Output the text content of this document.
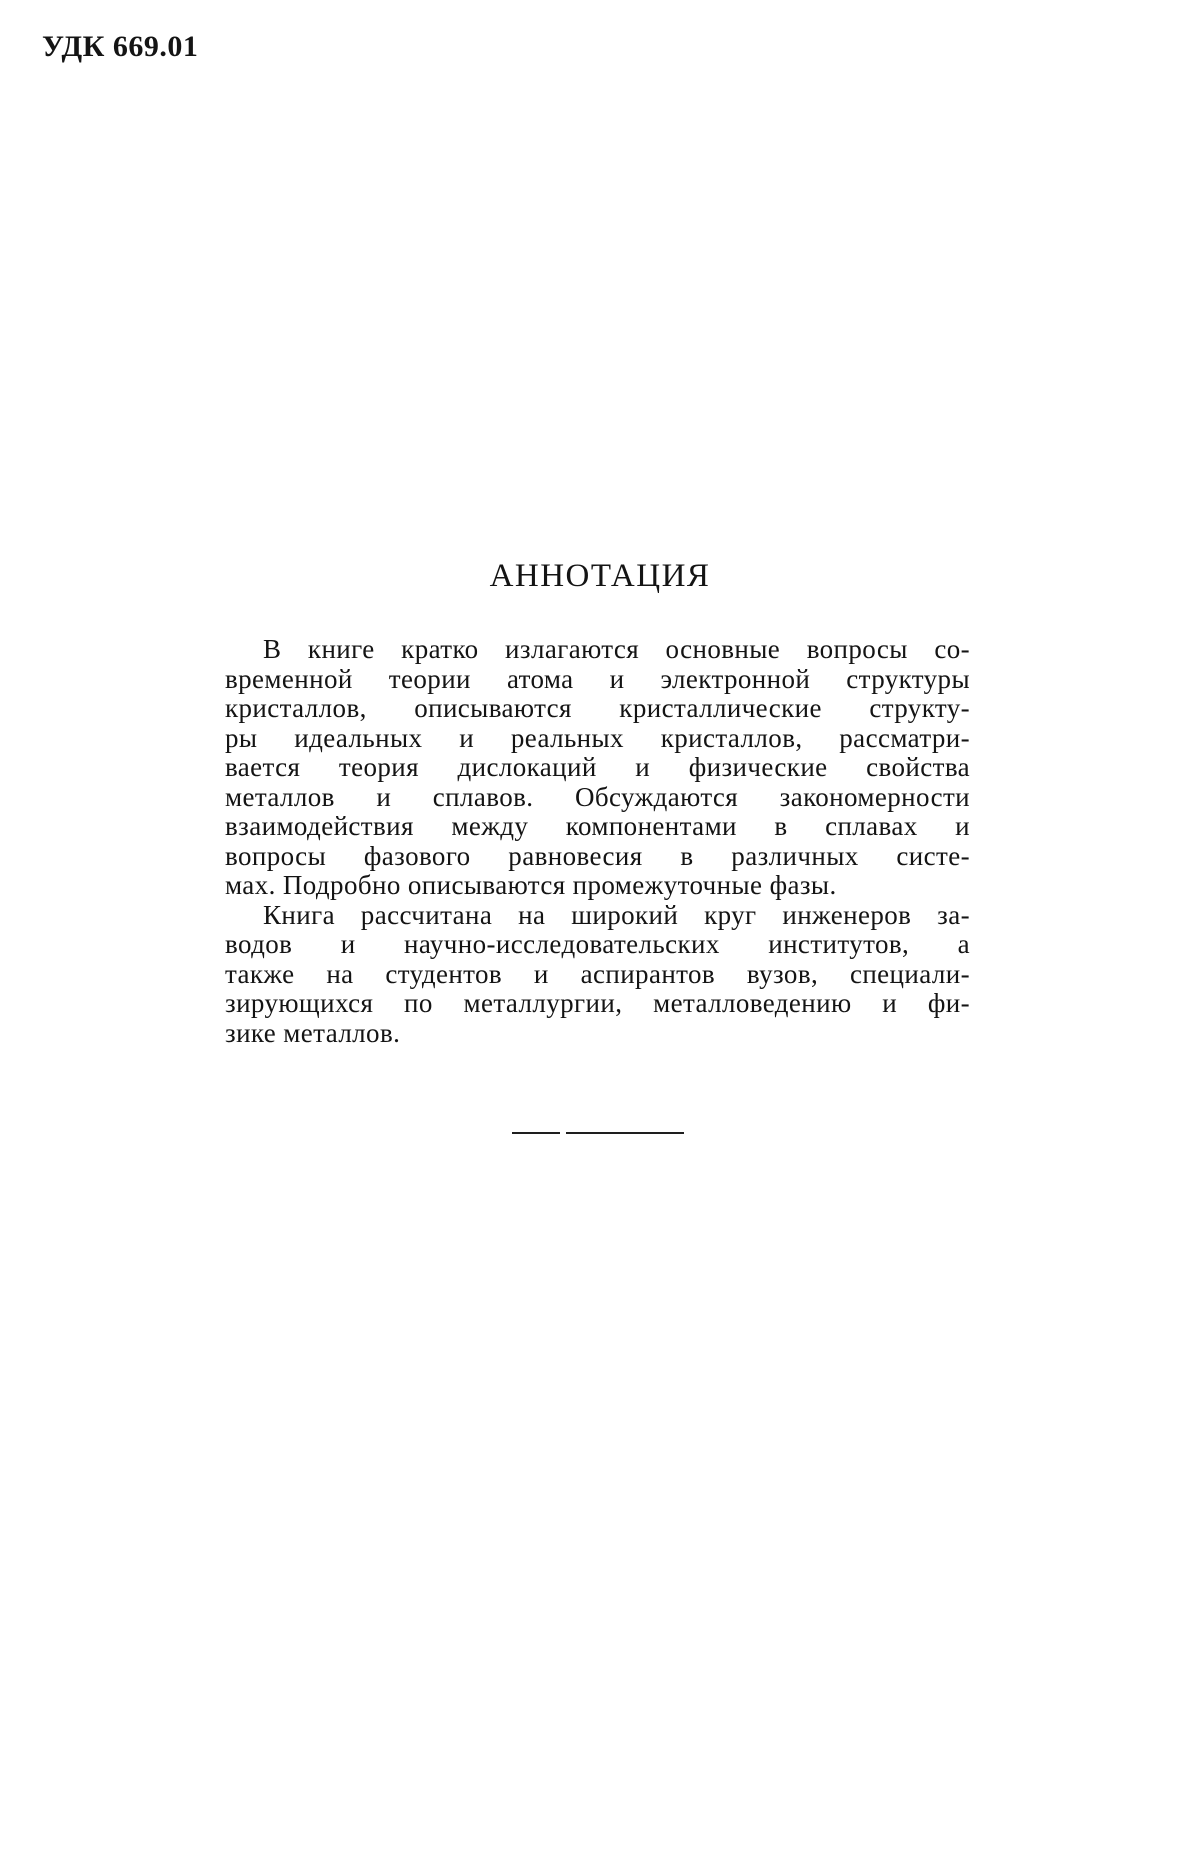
УДК 669.01
АННОТАЦИЯ
В книге кратко излагаются основные вопросы со-
временной теории атома и электронной структуры
кристаллов, описываются кристаллические структу-
ры идеальных и реальных кристаллов, рассматри-
вается теория дислокаций и физические свойства
металлов и сплавов. Обсуждаются закономерности
взаимодействия между компонентами в сплавах и
вопросы фазового равновесия в различных систе-
мах. Подробно описываются промежуточные фазы.
Книга рассчитана на широкий круг инженеров за-
водов и научно-исследовательских институтов, а
также на студентов и аспирантов вузов, специали-
зирующихся по металлургии, металловедению и фи-
зике металлов.
